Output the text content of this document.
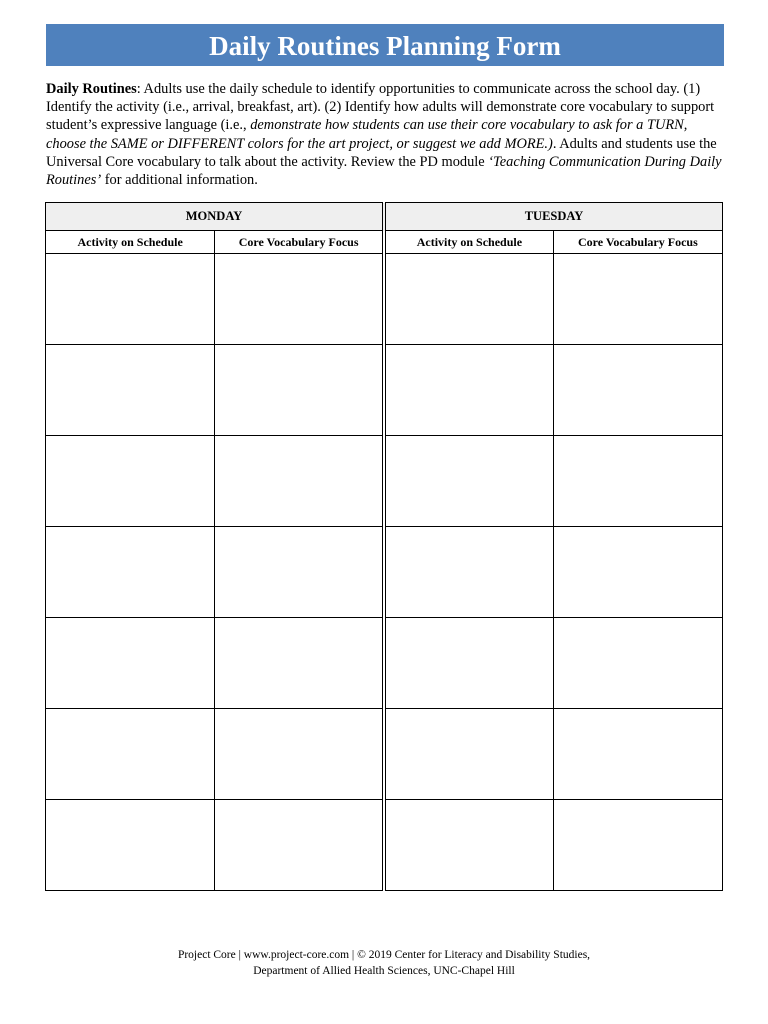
Daily Routines Planning Form
Daily Routines: Adults use the daily schedule to identify opportunities to communicate across the school day. (1) Identify the activity (i.e., arrival, breakfast, art). (2) Identify how adults will demonstrate core vocabulary to support student’s expressive language (i.e., demonstrate how students can use their core vocabulary to ask for a TURN, choose the SAME or DIFFERENT colors for the art project, or suggest we add MORE.). Adults and students use the Universal Core vocabulary to talk about the activity. Review the PD module ‘Teaching Communication During Daily Routines’ for additional information.
MONDAY		TUESDAY	
Activity on Schedule	Core Vocabulary Focus	Activity on Schedule	Core Vocabulary Focus

Project Core | www.project-core.com | © 2019 Center for Literacy and Disability Studies,
Department of Allied Health Sciences, UNC-Chapel Hill
